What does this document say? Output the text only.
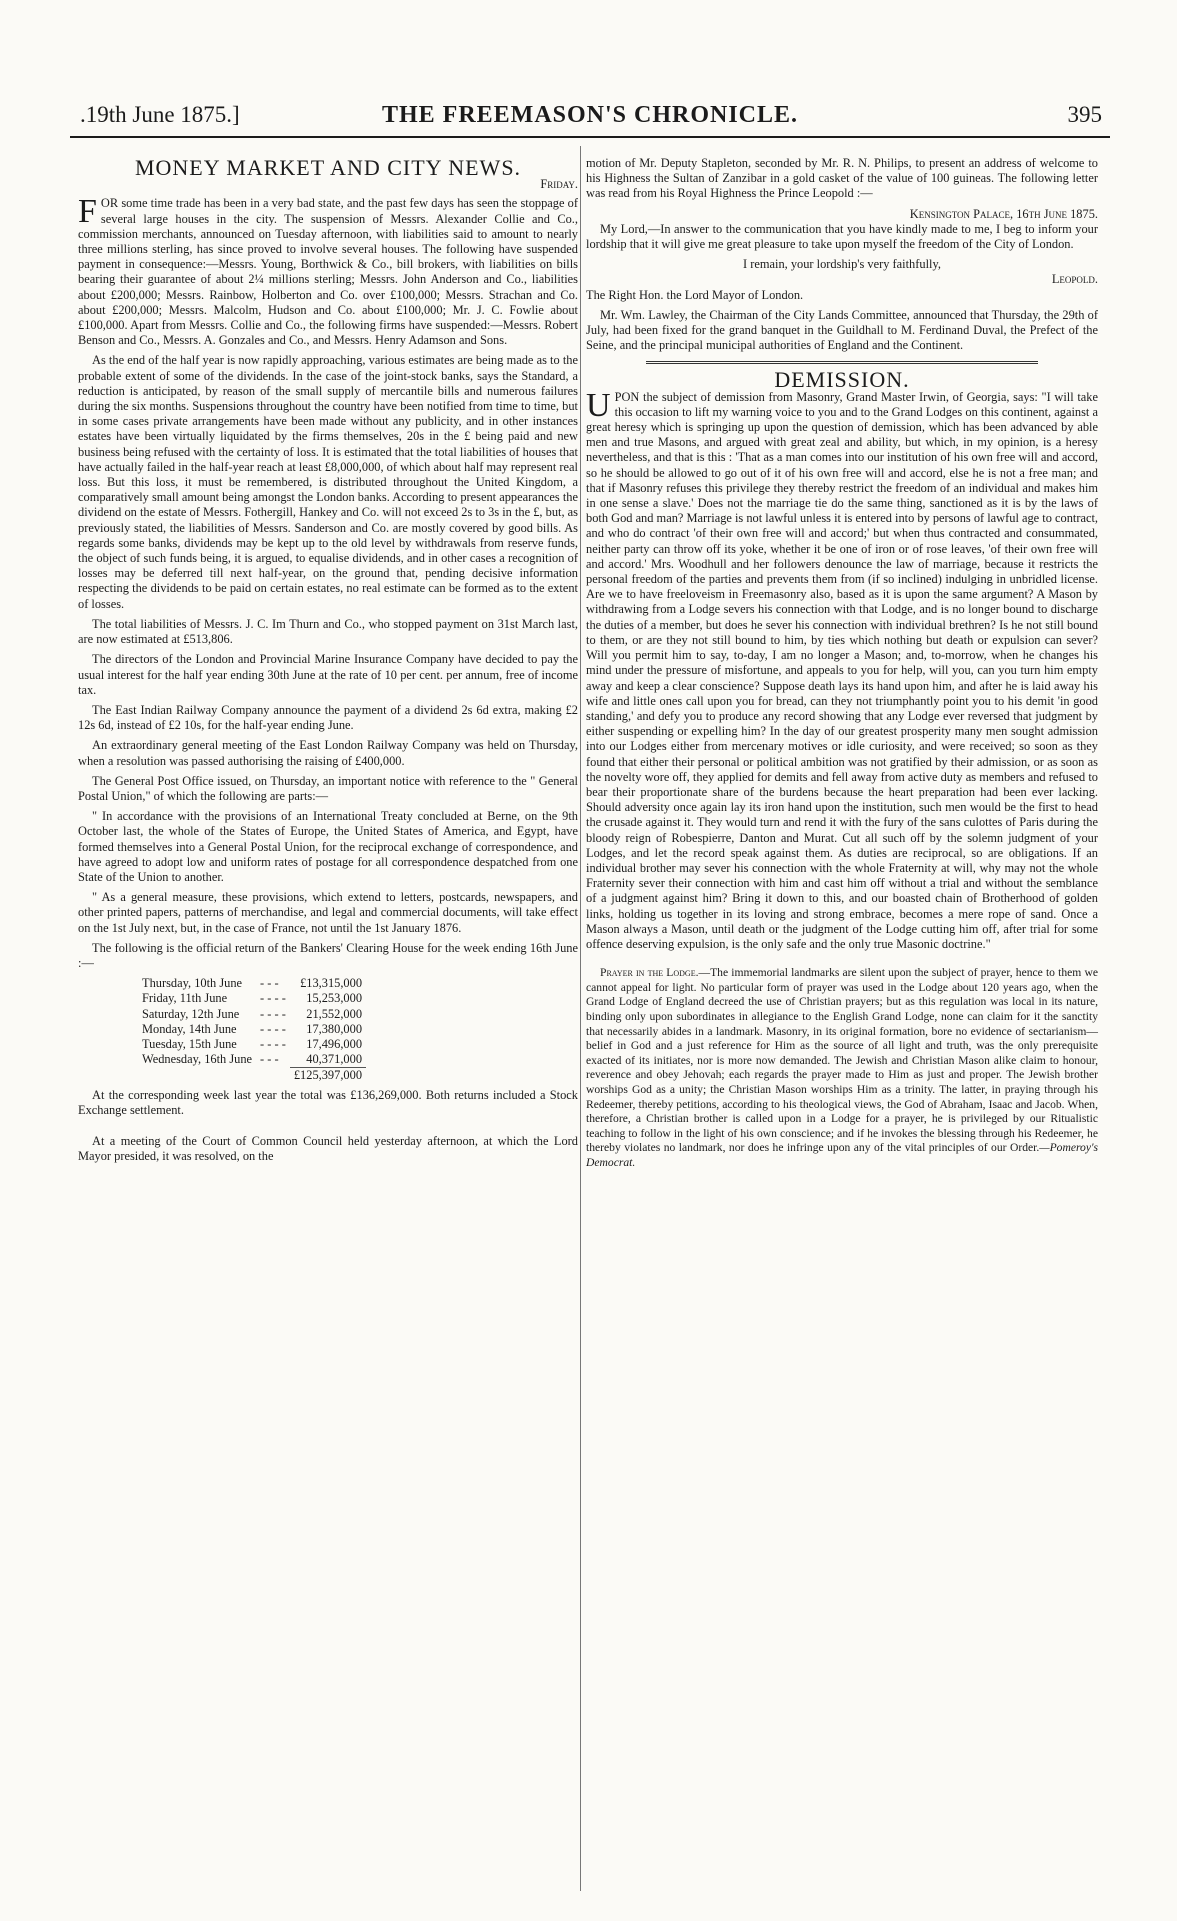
.19th June 1875.]	THE FREEMASON'S CHRONICLE.	395
MONEY MARKET AND CITY NEWS.
Friday.

FOR some time trade has been in a very bad state, and the past few days has seen the stoppage of several large houses in the city. The suspension of Messrs. Alexander Collie and Co., commission merchants, announced on Tuesday afternoon, with liabilities said to amount to nearly three millions sterling, has since proved to involve several houses. The following have suspended payment in consequence:—Messrs. Young, Borthwick & Co., bill brokers, with liabilities on bills bearing their guarantee of about 2¼ millions sterling; Messrs. John Anderson and Co., liabilities about £200,000; Messrs. Rainbow, Holberton and Co. over £100,000; Messrs. Strachan and Co. about £200,000; Messrs. Malcolm, Hudson and Co. about £100,000; Mr. J. C. Fowlie about £100,000. Apart from Messrs. Collie and Co., the following firms have suspended:—Messrs. Robert Benson and Co., Messrs. A. Gonzales and Co., and Messrs. Henry Adamson and Sons.

As the end of the half year is now rapidly approaching, various estimates are being made as to the probable extent of some of the dividends. In the case of the joint-stock banks, says the Standard, a reduction is anticipated, by reason of the small supply of mercantile bills and numerous failures during the six months. Suspensions throughout the country have been notified from time to time, but in some cases private arrangements have been made without any publicity, and in other instances estates have been virtually liquidated by the firms themselves, 20s in the £ being paid and new business being refused with the certainty of loss. It is estimated that the total liabilities of houses that have actually failed in the half-year reach at least £8,000,000, of which about half may represent real loss. But this loss, it must be remembered, is distributed throughout the United Kingdom, a comparatively small amount being amongst the London banks. According to present appearances the dividend on the estate of Messrs. Fothergill, Hankey and Co. will not exceed 2s to 3s in the £, but, as previously stated, the liabilities of Messrs. Sanderson and Co. are mostly covered by good bills. As regards some banks, dividends may be kept up to the old level by withdrawals from reserve funds, the object of such funds being, it is argued, to equalise dividends, and in other cases a recognition of losses may be deferred till next half-year, on the ground that, pending decisive information respecting the dividends to be paid on certain estates, no real estimate can be formed as to the extent of losses.

The total liabilities of Messrs. J. C. Im Thurn and Co., who stopped payment on 31st March last, are now estimated at £513,806.

The directors of the London and Provincial Marine Insurance Company have decided to pay the usual interest for the half year ending 30th June at the rate of 10 per cent. per annum, free of income tax.

The East Indian Railway Company announce the payment of a dividend 2s 6d extra, making £2 12s 6d, instead of £2 10s, for the half-year ending June.

An extraordinary general meeting of the East London Railway Company was held on Thursday, when a resolution was passed authorising the raising of £400,000.

The General Post Office issued, on Thursday, an important notice with reference to the " General Postal Union," of which the following are parts:—

" In accordance with the provisions of an International Treaty concluded at Berne, on the 9th October last, the whole of the States of Europe, the United States of America, and Egypt, have formed themselves into a General Postal Union, for the reciprocal exchange of correspondence, and have agreed to adopt low and uniform rates of postage for all correspondence despatched from one State of the Union to another.

" As a general measure, these provisions, which extend to letters, postcards, newspapers, and other printed papers, patterns of merchandise, and legal and commercial documents, will take effect on the 1st July next, but, in the case of France, not until the 1st January 1876.

The following is the official return of the Bankers' Clearing House for the week ending 16th June :—

Thursday, 10th June	- - -	£13,315,000
Friday, 11th June	- - - -	15,253,000
Saturday, 12th June	- - - -	21,552,000
Monday, 14th June	- - - -	17,380,000
Tuesday, 15th June	- - - -	17,496,000
Wednesday, 16th June	- - -	40,371,000
		£125,397,000

At the corresponding week last year the total was £136,269,000. Both returns included a Stock Exchange settlement.

At a meeting of the Court of Common Council held yesterday afternoon, at which the Lord Mayor presided, it was resolved, on the

motion of Mr. Deputy Stapleton, seconded by Mr. R. N. Philips, to present an address of welcome to his Highness the Sultan of Zanzibar in a gold casket of the value of 100 guineas. The following letter was read from his Royal Highness the Prince Leopold :—

Kensington Palace, 16th June 1875.

My Lord,—In answer to the communication that you have kindly made to me, I beg to inform your lordship that it will give me great pleasure to take upon myself the freedom of the City of London.

I remain, your lordship's very faithfully,
Leopold.

The Right Hon. the Lord Mayor of London.

Mr. Wm. Lawley, the Chairman of the City Lands Committee, announced that Thursday, the 29th of July, had been fixed for the grand banquet in the Guildhall to M. Ferdinand Duval, the Prefect of the Seine, and the principal municipal authorities of England and the Continent.

DEMISSION.

UPON the subject of demission from Masonry, Grand Master Irwin, of Georgia, says: "I will take this occasion to lift my warning voice to you and to the Grand Lodges on this continent, against a great heresy which is springing up upon the question of demission, which has been advanced by able men and true Masons, and argued with great zeal and ability, but which, in my opinion, is a heresy nevertheless, and that is this : 'That as a man comes into our institution of his own free will and accord, so he should be allowed to go out of it of his own free will and accord, else he is not a free man; and that if Masonry refuses this privilege they thereby restrict the freedom of an individual and makes him in one sense a slave.' Does not the marriage tie do the same thing, sanctioned as it is by the laws of both God and man? Marriage is not lawful unless it is entered into by persons of lawful age to contract, and who do contract 'of their own free will and accord;' but when thus contracted and consummated, neither party can throw off its yoke, whether it be one of iron or of rose leaves, 'of their own free will and accord.' Mrs. Woodhull and her followers denounce the law of marriage, because it restricts the personal freedom of the parties and prevents them from (if so inclined) indulging in unbridled license. Are we to have freeloveism in Freemasonry also, based as it is upon the same argument? A Mason by withdrawing from a Lodge severs his connection with that Lodge, and is no longer bound to discharge the duties of a member, but does he sever his connection with individual brethren? Is he not still bound to them, or are they not still bound to him, by ties which nothing but death or expulsion can sever? Will you permit him to say, to-day, I am no longer a Mason; and, to-morrow, when he changes his mind under the pressure of misfortune, and appeals to you for help, will you, can you turn him empty away and keep a clear conscience? Suppose death lays its hand upon him, and after he is laid away his wife and little ones call upon you for bread, can they not triumphantly point you to his demit 'in good standing,' and defy you to produce any record showing that any Lodge ever reversed that judgment by either suspending or expelling him? In the day of our greatest prosperity many men sought admission into our Lodges either from mercenary motives or idle curiosity, and were received; so soon as they found that either their personal or political ambition was not gratified by their admission, or as soon as the novelty wore off, they applied for demits and fell away from active duty as members and refused to bear their proportionate share of the burdens because the heart preparation had been ever lacking. Should adversity once again lay its iron hand upon the institution, such men would be the first to head the crusade against it. They would turn and rend it with the fury of the sans culottes of Paris during the bloody reign of Robespierre, Danton and Murat. Cut all such off by the solemn judgment of your Lodges, and let the record speak against them. As duties are reciprocal, so are obligations. If an individual brother may sever his connection with the whole Fraternity at will, why may not the whole Fraternity sever their connection with him and cast him off without a trial and without the semblance of a judgment against him? Bring it down to this, and our boasted chain of Brotherhood of golden links, holding us together in its loving and strong embrace, becomes a mere rope of sand. Once a Mason always a Mason, until death or the judgment of the Lodge cutting him off, after trial for some offence deserving expulsion, is the only safe and the only true Masonic doctrine."

Prayer in the Lodge.—The immemorial landmarks are silent upon the subject of prayer, hence to them we cannot appeal for light. No particular form of prayer was used in the Lodge about 120 years ago, when the Grand Lodge of England decreed the use of Christian prayers; but as this regulation was local in its nature, binding only upon subordinates in allegiance to the English Grand Lodge, none can claim for it the sanctity that necessarily abides in a landmark. Masonry, in its original formation, bore no evidence of sectarianism—belief in God and a just reference for Him as the source of all light and truth, was the only prerequisite exacted of its initiates, nor is more now demanded. The Jewish and Christian Mason alike claim to honour, reverence and obey Jehovah; each regards the prayer made to Him as just and proper. The Jewish brother worships God as a unity; the Christian Mason worships Him as a trinity. The latter, in praying through his Redeemer, thereby petitions, according to his theological views, the God of Abraham, Isaac and Jacob. When, therefore, a Christian brother is called upon in a Lodge for a prayer, he is privileged by our Ritualistic teaching to follow in the light of his own conscience; and if he invokes the blessing through his Redeemer, he thereby violates no landmark, nor does he infringe upon any of the vital principles of our Order.—Pomeroy's Democrat.
